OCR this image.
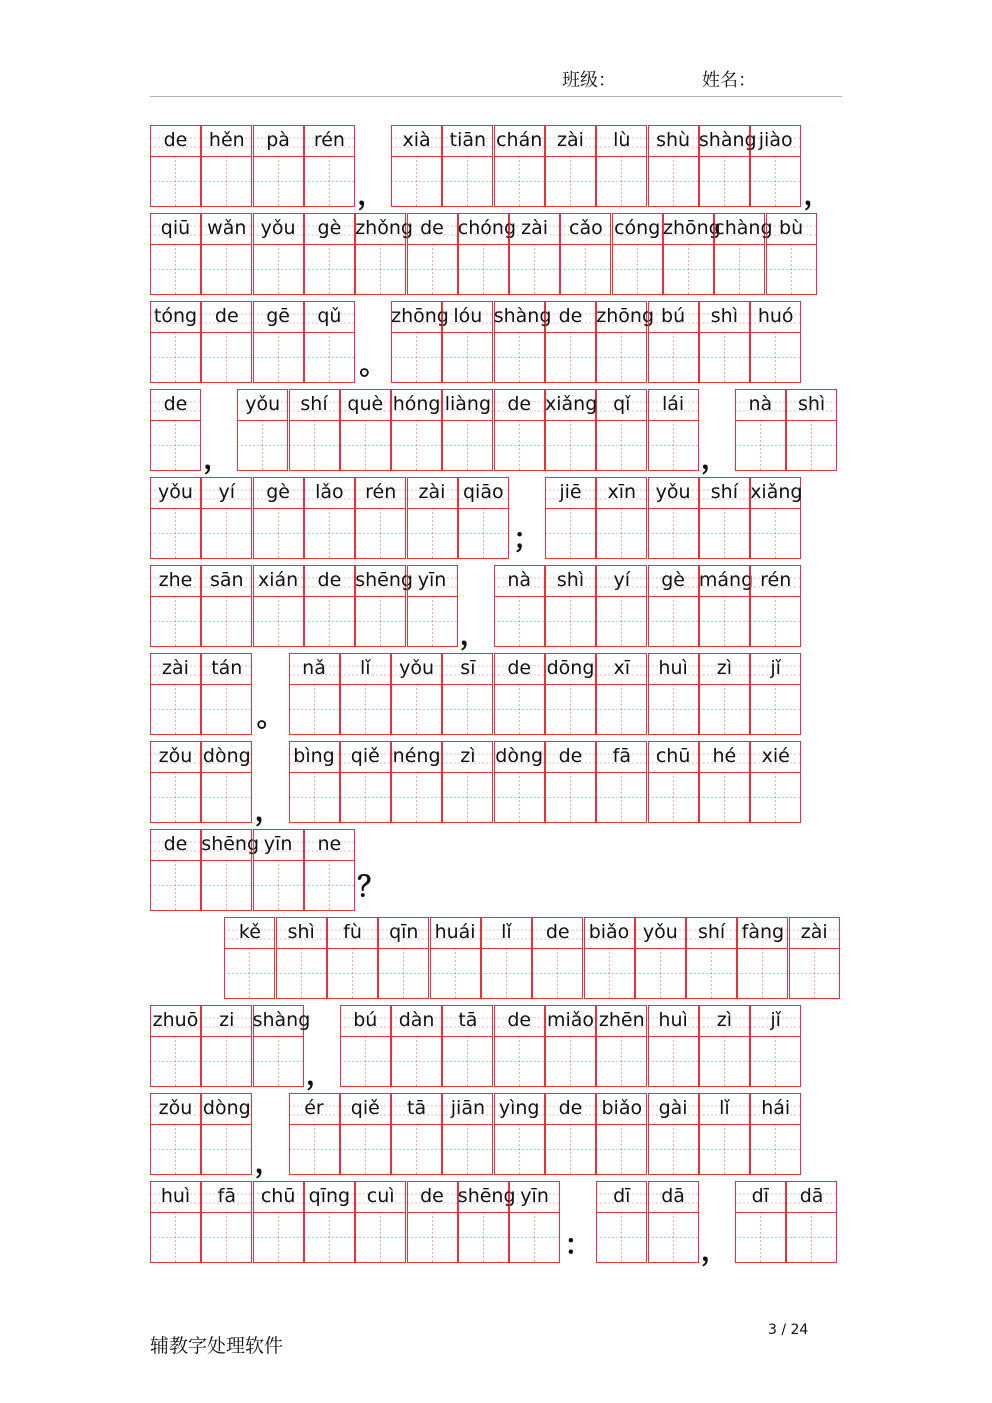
班级：	姓名：
de	hěn	pà	rén
，
xià	tiān chán zài	lù	shù shàng jiào
，
qiū wǎn yǒu	gè zhǒng de chóng zài	cǎo cóng zhōng
chàng bù
tóng de	gē	qǔ
。
zhōng lóu shàng de zhōng bú	shì	huó
de
，
yǒu	shí	què hóng liàng de xiǎng qǐ	lái
，
nà	shì
yǒu	yí	gè	lǎo	rén	zài qiāo
；
jiē	xīn	yǒu	shí xiǎng
zhe sān xián	de shēng yīn
，
nà	shì	yí	gè máng rén
zài	tán
。
nǎ	lǐ	yǒu	sī	de dōng	xī	huì	zì	jǐ
zǒu dòng
，
bìng qiě néng	zì	dòng de	fā	chū	hé	xié
de shēng yīn	ne
？
kě	shì	fù	qīn huái	lǐ	de	biǎo yǒu	shí fàng zài
zhuō	zi shàng
，
bú	dàn	tā	de miǎo zhēn huì	zì	jǐ
zǒu dòng
，
ér	qiě	tā	jiān yìng	de	biǎo gài	lǐ	hái
huì	fā	chū qīng cuì	de shēng yīn
：
dī	dā
，
dī	dā
辅教字处理软件
3 / 24
